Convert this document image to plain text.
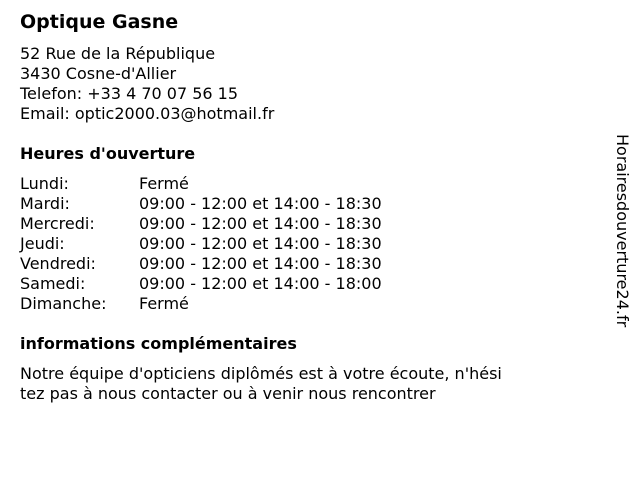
Optique Gasne
52 Rue de la République
3430 Cosne-d'Allier
Telefon: +33 4 70 07 56 15
Email: optic2000.03@hotmail.fr
Heures d'ouverture
Lundi:	Fermé
Mardi:	09:00 - 12:00 et 14:00 - 18:30
Mercredi:	09:00 - 12:00 et 14:00 - 18:30
Jeudi:	09:00 - 12:00 et 14:00 - 18:30
Vendredi:	09:00 - 12:00 et 14:00 - 18:30
Samedi:	09:00 - 12:00 et 14:00 - 18:00
Dimanche: Fermé
informations complémentaires
Notre équipe d'opticiens diplômés est à votre écoute, n'hési
tez pas à nous contacter ou à venir nous rencontrer
Horairesdouverture24.fr
